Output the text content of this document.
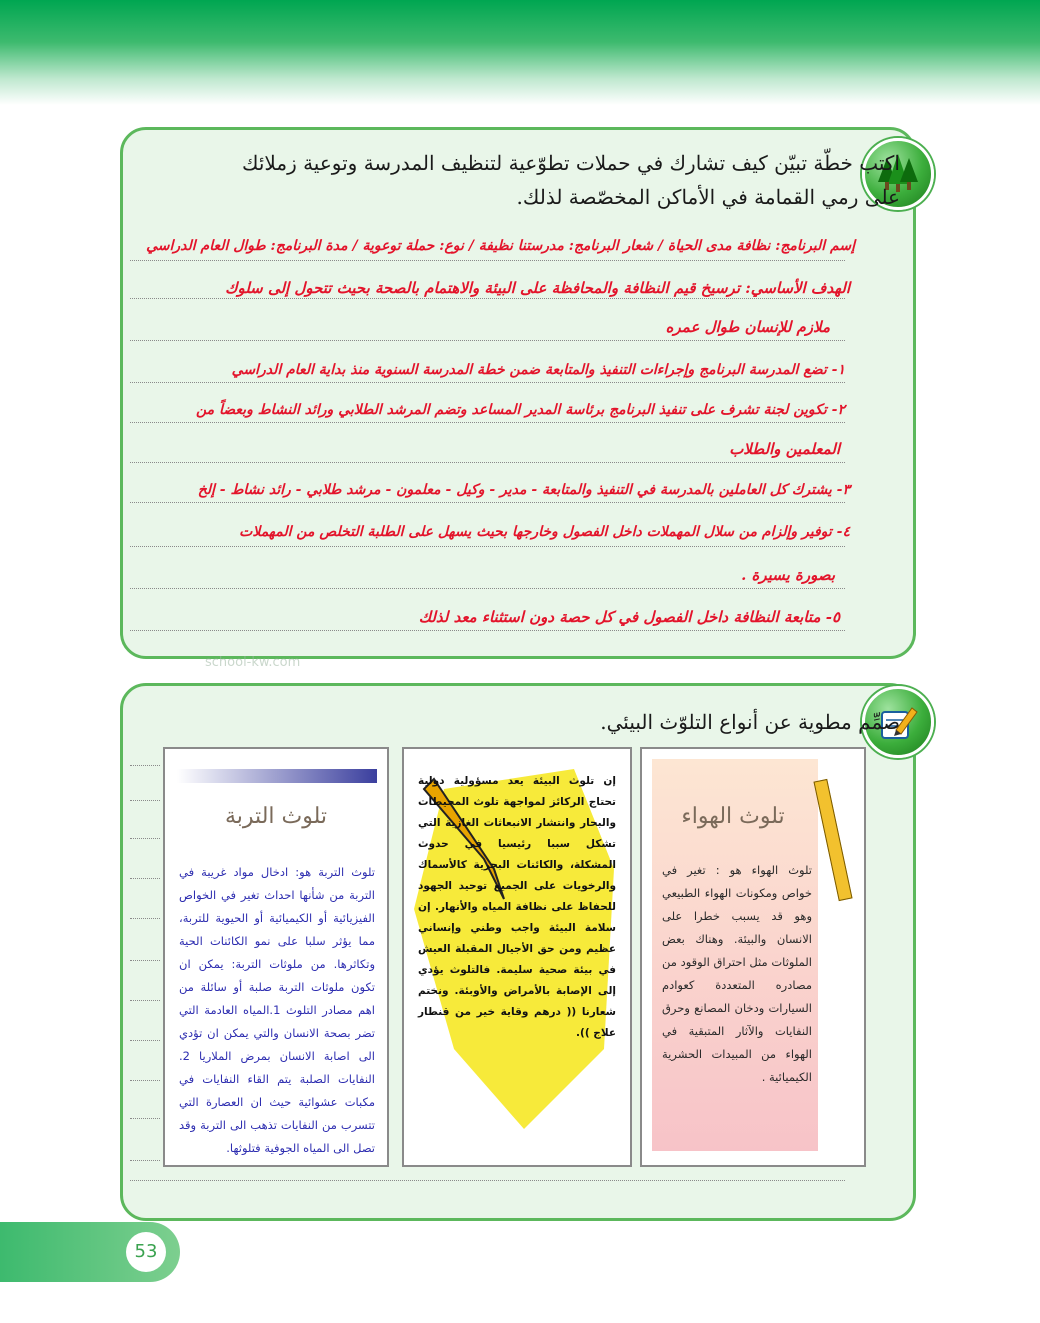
اكتب خطّة تبيّن كيف تشارك في حملات تطوّعية لتنظيف المدرسة وتوعية زملائك
على رمي القمامة في الأماكن المخصّصة لذلك.
إسم البرنامج: نظافة مدى الحياة / شعار البرنامج: مدرستنا نظيفة / نوع: حملة توعوية / مدة البرنامج: طوال العام الدراسي
الهدف الأساسي: ترسيخ قيم النظافة والمحافظة على البيئة والاهتمام بالصحة بحيث تتحول إلى سلوك
ملازم للإنسان طوال عمره
١- تضع المدرسة البرنامج وإجراءات التنفيذ والمتابعة ضمن خطة المدرسة السنوية منذ بداية العام الدراسي
٢- تكوين لجنة تشرف على تنفيذ البرنامج برئاسة المدير المساعد وتضم المرشد الطلابي ورائد النشاط وبعضاً من
المعلمين والطلاب
٣- يشترك كل العاملين بالمدرسة في التنفيذ والمتابعة - مدير - وكيل - معلمون - مرشد طلابي - رائد نشاط - إلخ
٤- توفير وإلزام من سلال المهملات داخل الفصول وخارجها بحيث يسهل على الطلبة التخلص من المهملات
بصورة يسيرة .
٥- متابعة النظافة داخل الفصول في كل حصة دون استثناء معد لذلك
school-kw.com
صمِّم مطوية عن أنواع التلوّث البيئي.
تلوث التربة
تلوث التربة هو: ادخال مواد غريبة في التربة من شأنها احداث تغير في الخواص الفيزيائية أو الكيميائية أو الحيوية للتربة، مما يؤثر سلبا على نمو الكائنات الحية وتكاثرها. من ملوثات التربة: يمكن ان تكون ملوثات التربة صلبة أو سائلة من اهم مصادر التلوث 1.المياه العادمة التي تضر بصحة الانسان والتي يمكن ان تؤدي الى اصابة الانسان بمرض الملاريا 2. النفايات الصلبة يتم القاء النفايات في مكبات عشوائية حيث ان العصارة التي تتسرب من النفايات تذهب الى التربة وقد تصل الى المياه الجوفية فتلوثها.
إن تلوث البيئة يعد مسؤولية دولية تحتاج الركائز لمواجهة تلوث المحيطات والبحار وانتشار الانبعاثات الغازية التي تشكل سببا رئيسيا في حدوث المشكلة، والكائنات البحرية كالأسماك والرخويات على الجميع توحيد الجهود للحفاظ على نظافة المياه والأنهار. إن سلامة البيئة واجب وطني وإنساني عظيم ومن حق الأجيال المقبلة العيش في بيئة صحية سليمة. فالتلوث يؤدي إلى الإصابة بالأمراض والأوبئة. ونختم شعارنا (( درهم وقاية خير من قنطار علاج )).
تلوث الهواء
تلوث الهواء هو : تغير في خواص ومكونات الهواء الطبيعي وهو قد يسبب خطرا على الانسان والبيئة. وهناك بعض الملوثات مثل احتراق الوقود من مصادره المتعددة كعوادم السيارات ودخان المصانع وحرق النفايات والآثار المتبقية في الهواء من المبيدات الحشرية الكيميائية .
53
